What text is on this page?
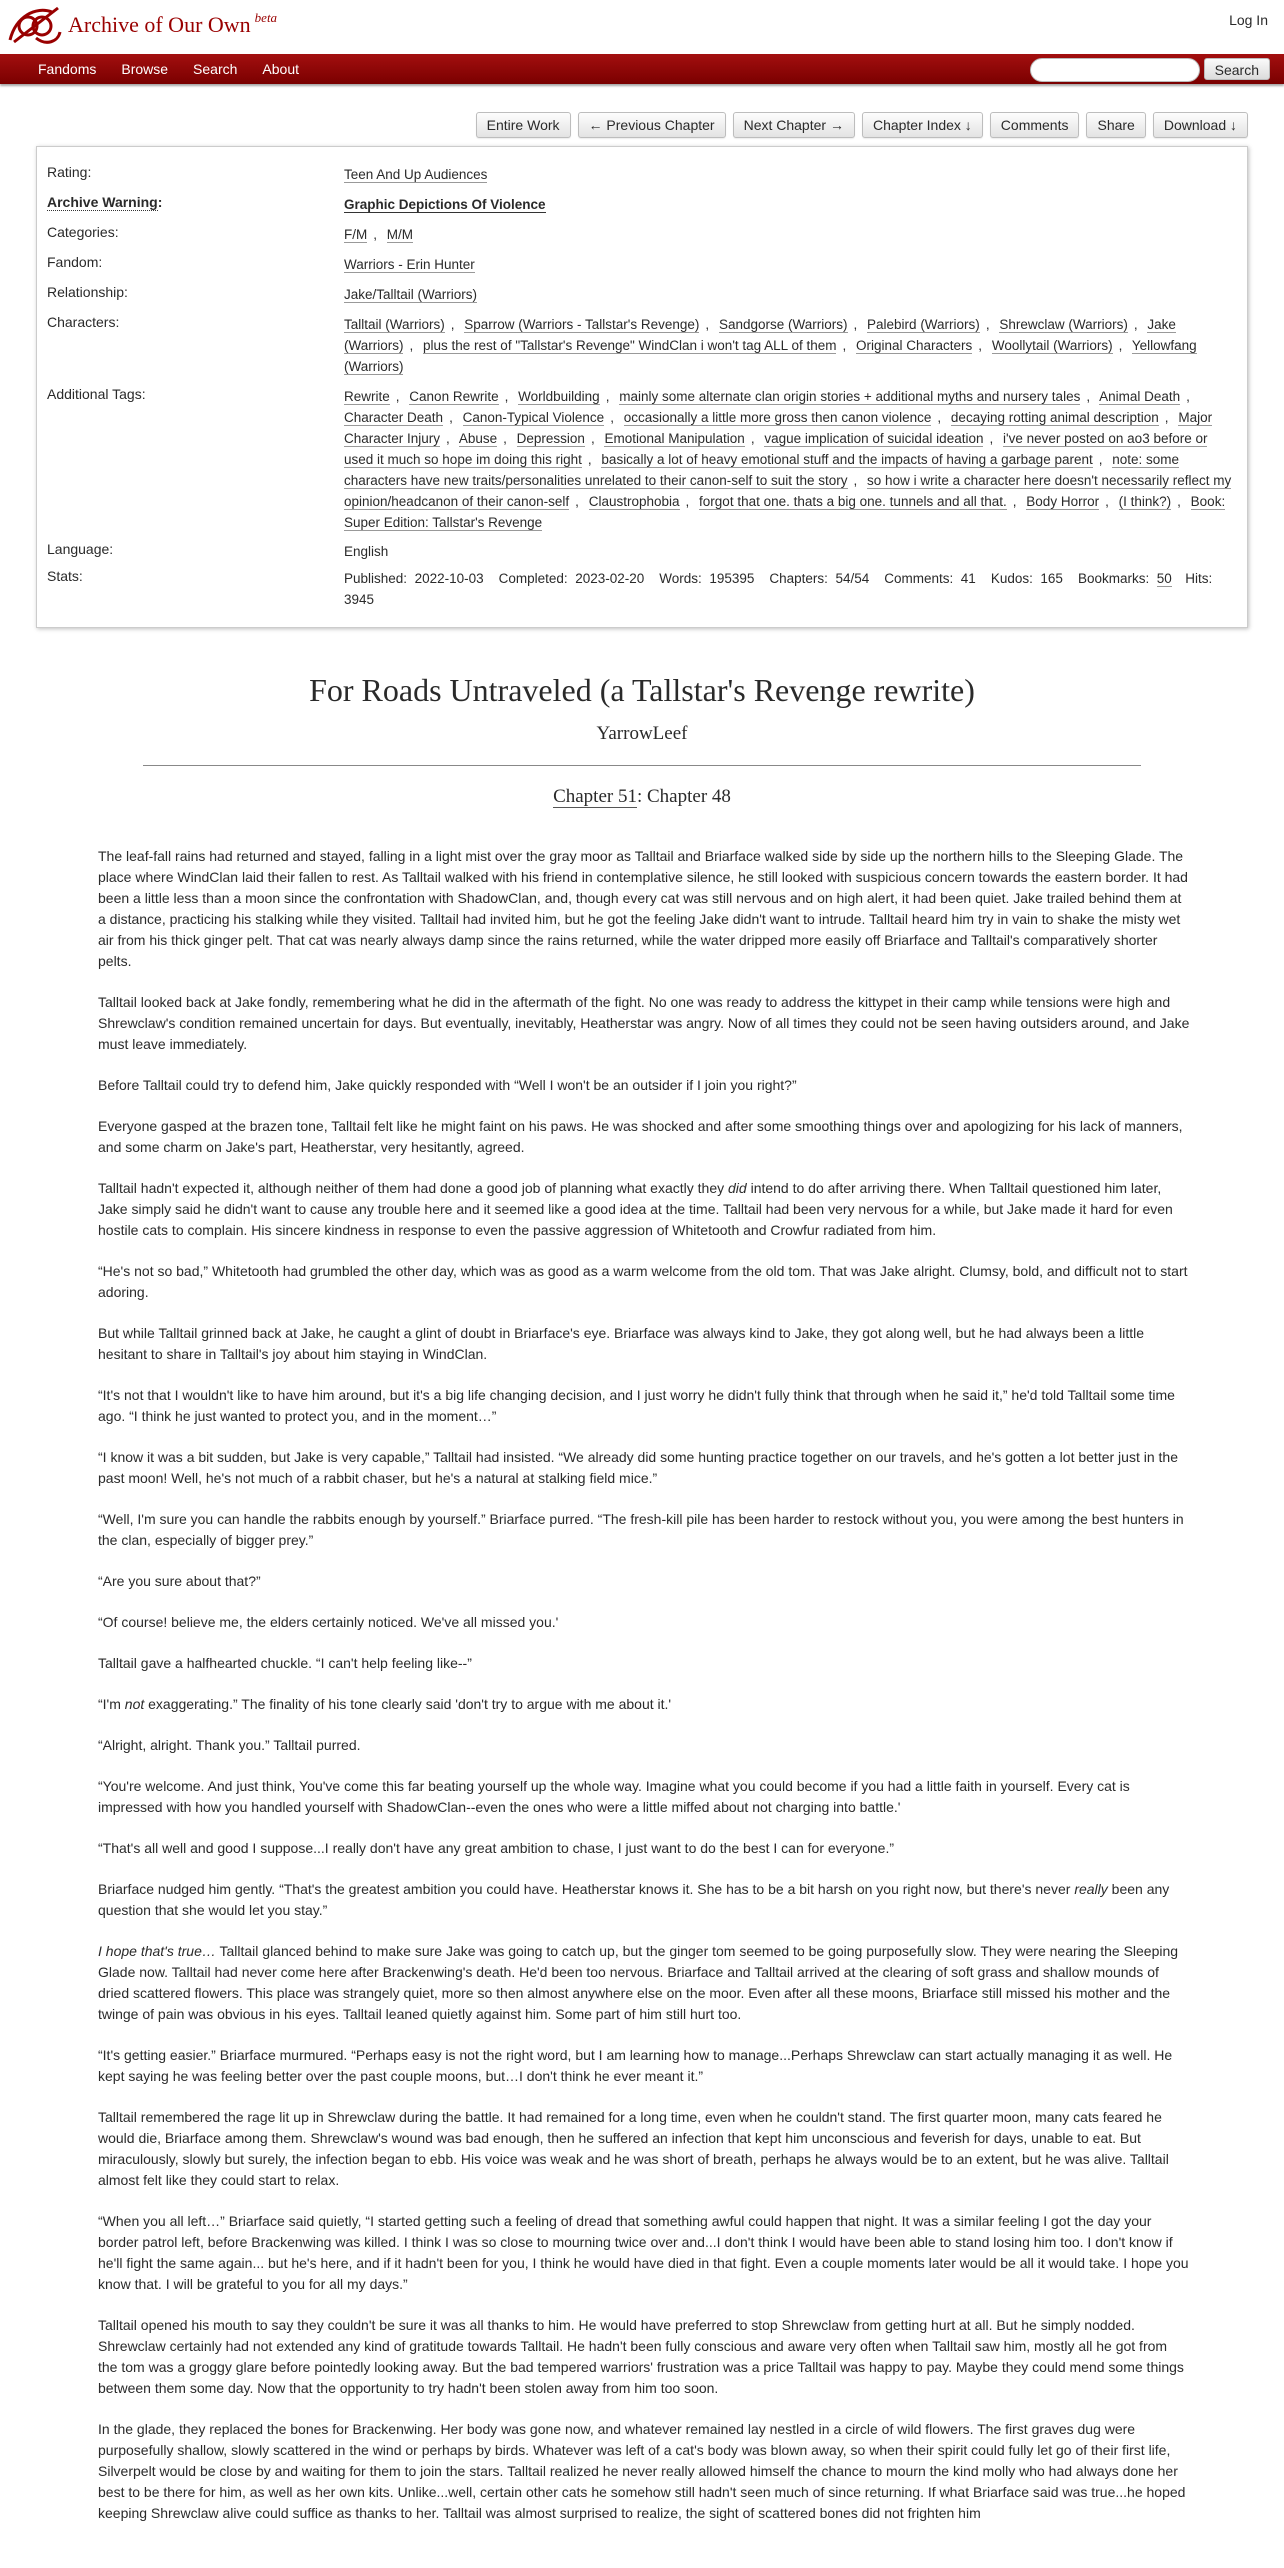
Archive of Our Own beta	Log In
Fandoms Browse Search About	Search
Entire Work	← Previous Chapter	Next Chapter →	Chapter Index ↓	Comments	Share	Download ↓
Rating:	Teen And Up Audiences
Archive Warning:	Graphic Depictions Of Violence
Categories:	F/M , M/M
Fandom:	Warriors - Erin Hunter
Relationship:	Jake/Talltail (Warriors)
Characters:	Talltail (Warriors) , Sparrow (Warriors - Tallstar's Revenge) , Sandgorse (Warriors) , Palebird (Warriors) , Shrewclaw (Warriors) , Jake (Warriors) , plus the rest of "Tallstar's Revenge" WindClan i won't tag ALL of them , Original Characters , Woollytail (Warriors) , Yellowfang (Warriors)
Additional Tags:	Rewrite , Canon Rewrite , Worldbuilding , mainly some alternate clan origin stories + additional myths and nursery tales , Animal Death , Character Death , Canon-Typical Violence , occasionally a little more gross then canon violence , decaying rotting animal description , Major Character Injury , Abuse , Depression , Emotional Manipulation , vague implication of suicidal ideation , i've never posted on ao3 before or used it much so hope im doing this right , basically a lot of heavy emotional stuff and the impacts of having a garbage parent , note: some characters have new traits/personalities unrelated to their canon-self to suit the story , so how i write a character here doesn't necessarily reflect my opinion/headcanon of their canon-self , Claustrophobia , forgot that one. thats a big one. tunnels and all that. , Body Horror , (I think?) , Book: Super Edition: Tallstar's Revenge
Language:	English
Stats:	Published: 2022-10-03 Completed: 2023-02-20 Words: 195395 Chapters: 54/54 Comments: 41 Kudos: 165 Bookmarks: 50 Hits:  3945
For Roads Untraveled (a Tallstar's Revenge rewrite)
YarrowLeef
Chapter 51: Chapter 48

The leaf-fall rains had returned and stayed, falling in a light mist over the gray moor as Talltail and Briarface walked side by side up the northern hills to the Sleeping Glade. The place where WindClan laid their fallen to rest. As Talltail walked with his friend in contemplative silence, he still looked with suspicious concern towards the eastern border. It had been a little less than a moon since the confrontation with ShadowClan, and, though every cat was still nervous and on high alert, it had been quiet. Jake trailed behind them at a distance, practicing his stalking while they visited. Talltail had invited him, but he got the feeling Jake didn't want to intrude. Talltail heard him try in vain to shake the misty wet air from his thick ginger pelt. That cat was nearly always damp since the rains returned, while the water dripped more easily off Briarface and Talltail's comparatively shorter pelts.

Talltail looked back at Jake fondly, remembering what he did in the aftermath of the fight. No one was ready to address the kittypet in their camp while tensions were high and Shrewclaw's condition remained uncertain for days. But eventually, inevitably, Heatherstar was angry. Now of all times they could not be seen having outsiders around, and Jake must leave immediately.

Before Talltail could try to defend him, Jake quickly responded with “Well I won't be an outsider if I join you right?”

Everyone gasped at the brazen tone, Talltail felt like he might faint on his paws. He was shocked and after some smoothing things over and apologizing for his lack of manners, and some charm on Jake's part, Heatherstar, very hesitantly, agreed.

Talltail hadn't expected it, although neither of them had done a good job of planning what exactly they did intend to do after arriving there. When Talltail questioned him later, Jake simply said he didn't want to cause any trouble here and it seemed like a good idea at the time. Talltail had been very nervous for a while, but Jake made it hard for even hostile cats to complain. His sincere kindness in response to even the passive aggression of Whitetooth and Crowfur radiated from him.

“He's not so bad,” Whitetooth had grumbled the other day, which was as good as a warm welcome from the old tom. That was Jake alright. Clumsy, bold, and difficult not to start adoring.

But while Talltail grinned back at Jake, he caught a glint of doubt in Briarface's eye. Briarface was always kind to Jake, they got along well, but he had always been a little hesitant to share in Talltail's joy about him staying in WindClan.

“It's not that I wouldn't like to have him around, but it's a big life changing decision, and I just worry he didn't fully think that through when he said it,” he'd told Talltail some time ago. “I think he just wanted to protect you, and in the moment…”

“I know it was a bit sudden, but Jake is very capable,” Talltail had insisted. “We already did some hunting practice together on our travels, and he's gotten a lot better just in the past moon! Well, he's not much of a rabbit chaser, but he's a natural at stalking field mice.”

“Well, I'm sure you can handle the rabbits enough by yourself.” Briarface purred. “The fresh-kill pile has been harder to restock without you, you were among the best hunters in the clan, especially of bigger prey.”

“Are you sure about that?”

“Of course! believe me, the elders certainly noticed. We've all missed you.'

Talltail gave a halfhearted chuckle. “I can't help feeling like--”

“I'm not exaggerating.” The finality of his tone clearly said 'don't try to argue with me about it.'

“Alright, alright. Thank you.” Talltail purred.

“You're welcome. And just think, You've come this far beating yourself up the whole way. Imagine what you could become if you had a little faith in yourself. Every cat is impressed with how you handled yourself with ShadowClan--even the ones who were a little miffed about not charging into battle.'

“That's all well and good I suppose...I really don't have any great ambition to chase, I just want to do the best I can for everyone.”

Briarface nudged him gently. “That's the greatest ambition you could have. Heatherstar knows it. She has to be a bit harsh on you right now, but there's never really been any question that she would let you stay.”

I hope that's true… Talltail glanced behind to make sure Jake was going to catch up, but the ginger tom seemed to be going purposefully slow. They were nearing the Sleeping Glade now. Talltail had never come here after Brackenwing's death. He'd been too nervous. Briarface and Talltail arrived at the clearing of soft grass and shallow mounds of dried scattered flowers. This place was strangely quiet, more so then almost anywhere else on the moor. Even after all these moons, Briarface still missed his mother and the twinge of pain was obvious in his eyes. Talltail leaned quietly against him. Some part of him still hurt too.

“It's getting easier.” Briarface murmured. “Perhaps easy is not the right word, but I am learning how to manage...Perhaps Shrewclaw can start actually managing it as well. He kept saying he was feeling better over the past couple moons, but…I don't think he ever meant it.”

Talltail remembered the rage lit up in Shrewclaw during the battle. It had remained for a long time, even when he couldn't stand. The first quarter moon, many cats feared he would die, Briarface among them. Shrewclaw's wound was bad enough, then he suffered an infection that kept him unconscious and feverish for days, unable to eat. But miraculously, slowly but surely, the infection began to ebb. His voice was weak and he was short of breath, perhaps he always would be to an extent, but he was alive. Talltail almost felt like they could start to relax.

“When you all left…” Briarface said quietly, “I started getting such a feeling of dread that something awful could happen that night. It was a similar feeling I got the day your border patrol left, before Brackenwing was killed. I think I was so close to mourning twice over and...I don't think I would have been able to stand losing him too. I don't know if he'll fight the same again... but he's here, and if it hadn't been for you, I think he would have died in that fight. Even a couple moments later would be all it would take. I hope you know that. I will be grateful to you for all my days.”

Talltail opened his mouth to say they couldn't be sure it was all thanks to him. He would have preferred to stop Shrewclaw from getting hurt at all. But he simply nodded. Shrewclaw certainly had not extended any kind of gratitude towards Talltail. He hadn't been fully conscious and aware very often when Talltail saw him, mostly all he got from the tom was a groggy glare before pointedly looking away. But the bad tempered warriors' frustration was a price Talltail was happy to pay. Maybe they could mend some things between them some day. Now that the opportunity to try hadn't been stolen away from him too soon.

In the glade, they replaced the bones for Brackenwing. Her body was gone now, and whatever remained lay nestled in a circle of wild flowers. The first graves dug were purposefully shallow, slowly scattered in the wind or perhaps by birds. Whatever was left of a cat's body was blown away, so when their spirit could fully let go of their first life, Silverpelt would be close by and waiting for them to join the stars. Talltail realized he never really allowed himself the chance to mourn the kind molly who had always done her best to be there for him, as well as her own kits. Unlike...well, certain other cats he somehow still hadn't seen much of since returning. If what Briarface said was true...he hoped keeping Shrewclaw alive could suffice as thanks to her. Talltail was almost surprised to realize, the sight of scattered bones did not frighten him
